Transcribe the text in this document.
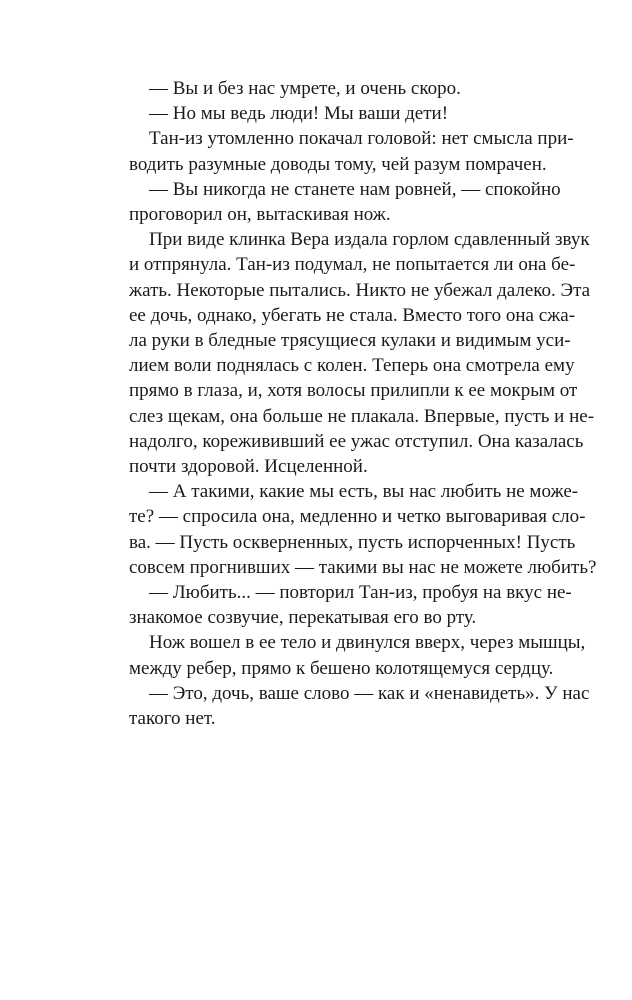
— Вы и без нас умрете, и очень скоро.
— Но мы ведь люди! Мы ваши дети!
Тан-из утомленно покачал головой: нет смысла при-
водить разумные доводы тому, чей разум помрачен.
— Вы никогда не станете нам ровней, — спокойно
проговорил он, вытаскивая нож.
При виде клинка Вера издала горлом сдавленный звук
и отпрянула. Тан-из подумал, не попытается ли она бе-
жать. Некоторые пытались. Никто не убежал далеко. Эта
ее дочь, однако, убегать не стала. Вместо того она сжа-
ла руки в бледные трясущиеся кулаки и видимым уси-
лием воли поднялась с колен. Теперь она смотрела ему
прямо в глаза, и, хотя волосы прилипли к ее мокрым от
слез щекам, она больше не плакала. Впервые, пусть и не-
надолго, корежививший ее ужас отступил. Она казалась
почти здоровой. Исцеленной.
— А такими, какие мы есть, вы нас любить не може-
те? — спросила она, медленно и четко выговаривая сло-
ва. — Пусть оскверненных, пусть испорченных! Пусть
совсем прогнивших — такими вы нас не можете любить?
— Любить... — повторил Тан-из, пробуя на вкус не-
знакомое созвучие, перекатывая его во рту.
Нож вошел в ее тело и двинулся вверх, через мышцы,
между ребер, прямо к бешено колотящемуся сердцу.
— Это, дочь, ваше слово — как и «ненавидеть». У нас
такого нет.
